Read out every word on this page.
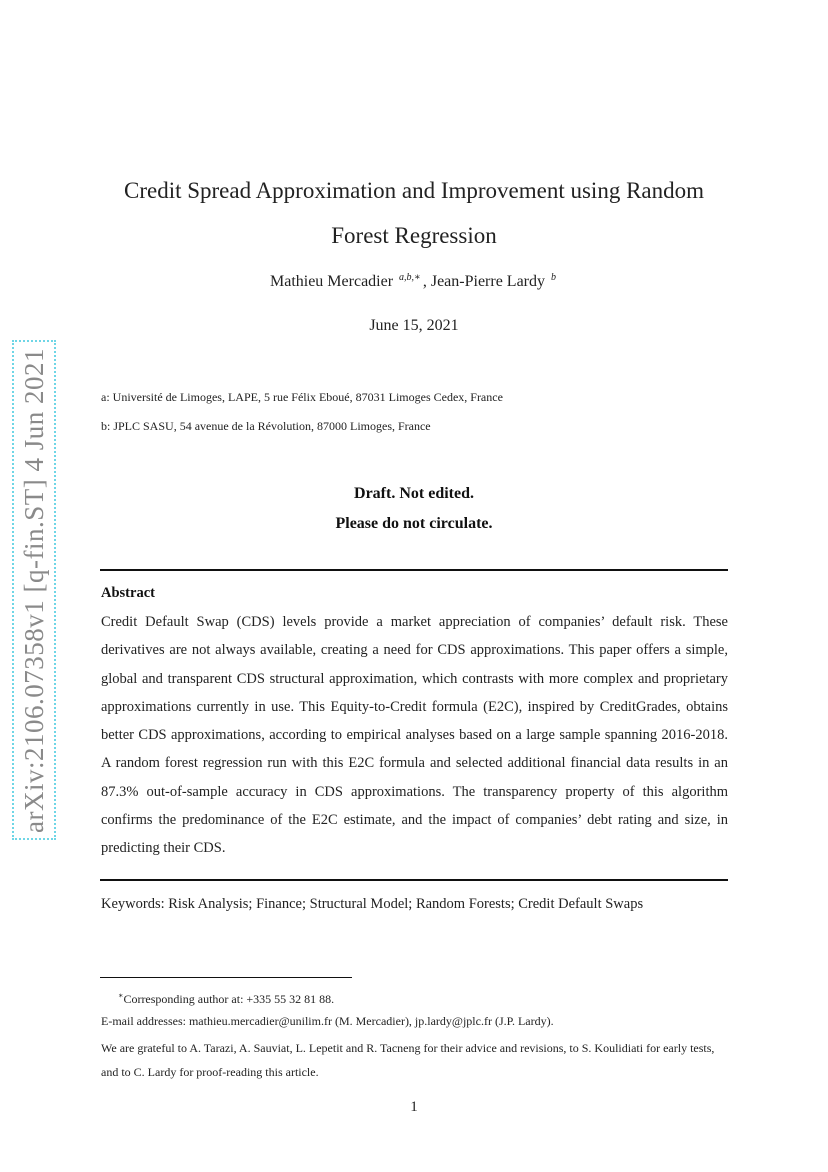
arXiv:2106.07358v1 [q-fin.ST] 4 Jun 2021
Credit Spread Approximation and Improvement using Random
Forest Regression
Mathieu Mercadier $^{a,b,∗}$ , Jean-Pierre Lardy $^b$
June 15, 2021
a: Université de Limoges, LAPE, 5 rue Félix Eboué, 87031 Limoges Cedex, France
b: JPLC SASU, 54 avenue de la Révolution, 87000 Limoges, France
Draft. Not edited.
Please do not circulate.
Abstract
Credit Default Swap (CDS) levels provide a market appreciation of companies’ default risk. These derivatives are not always available, creating a need for CDS approximations. This paper offers a simple, global and transparent CDS structural approximation, which contrasts with more complex and proprietary approximations currently in use. This Equity-to-Credit formula (E2C), inspired by CreditGrades, obtains better CDS approximations, according to empirical analyses based on a large sample spanning 2016-2018. A random forest regression run with this E2C formula and selected additional financial data results in an 87.3% out-of-sample accuracy in CDS approximations. The transparency property of this algorithm confirms the predominance of the E2C estimate, and the impact of companies’ debt rating and size, in predicting their CDS.
Keywords: Risk Analysis; Finance; Structural Model; Random Forests; Credit Default Swaps
∗Corresponding author at: +335 55 32 81 88.
E-mail addresses: mathieu.mercadier@unilim.fr (M. Mercadier), jp.lardy@jplc.fr (J.P. Lardy).
We are grateful to A. Tarazi, A. Sauviat, L. Lepetit and R. Tacneng for their advice and revisions, to S. Koulidiati for early tests, and to C. Lardy for proof-reading this article.
1
